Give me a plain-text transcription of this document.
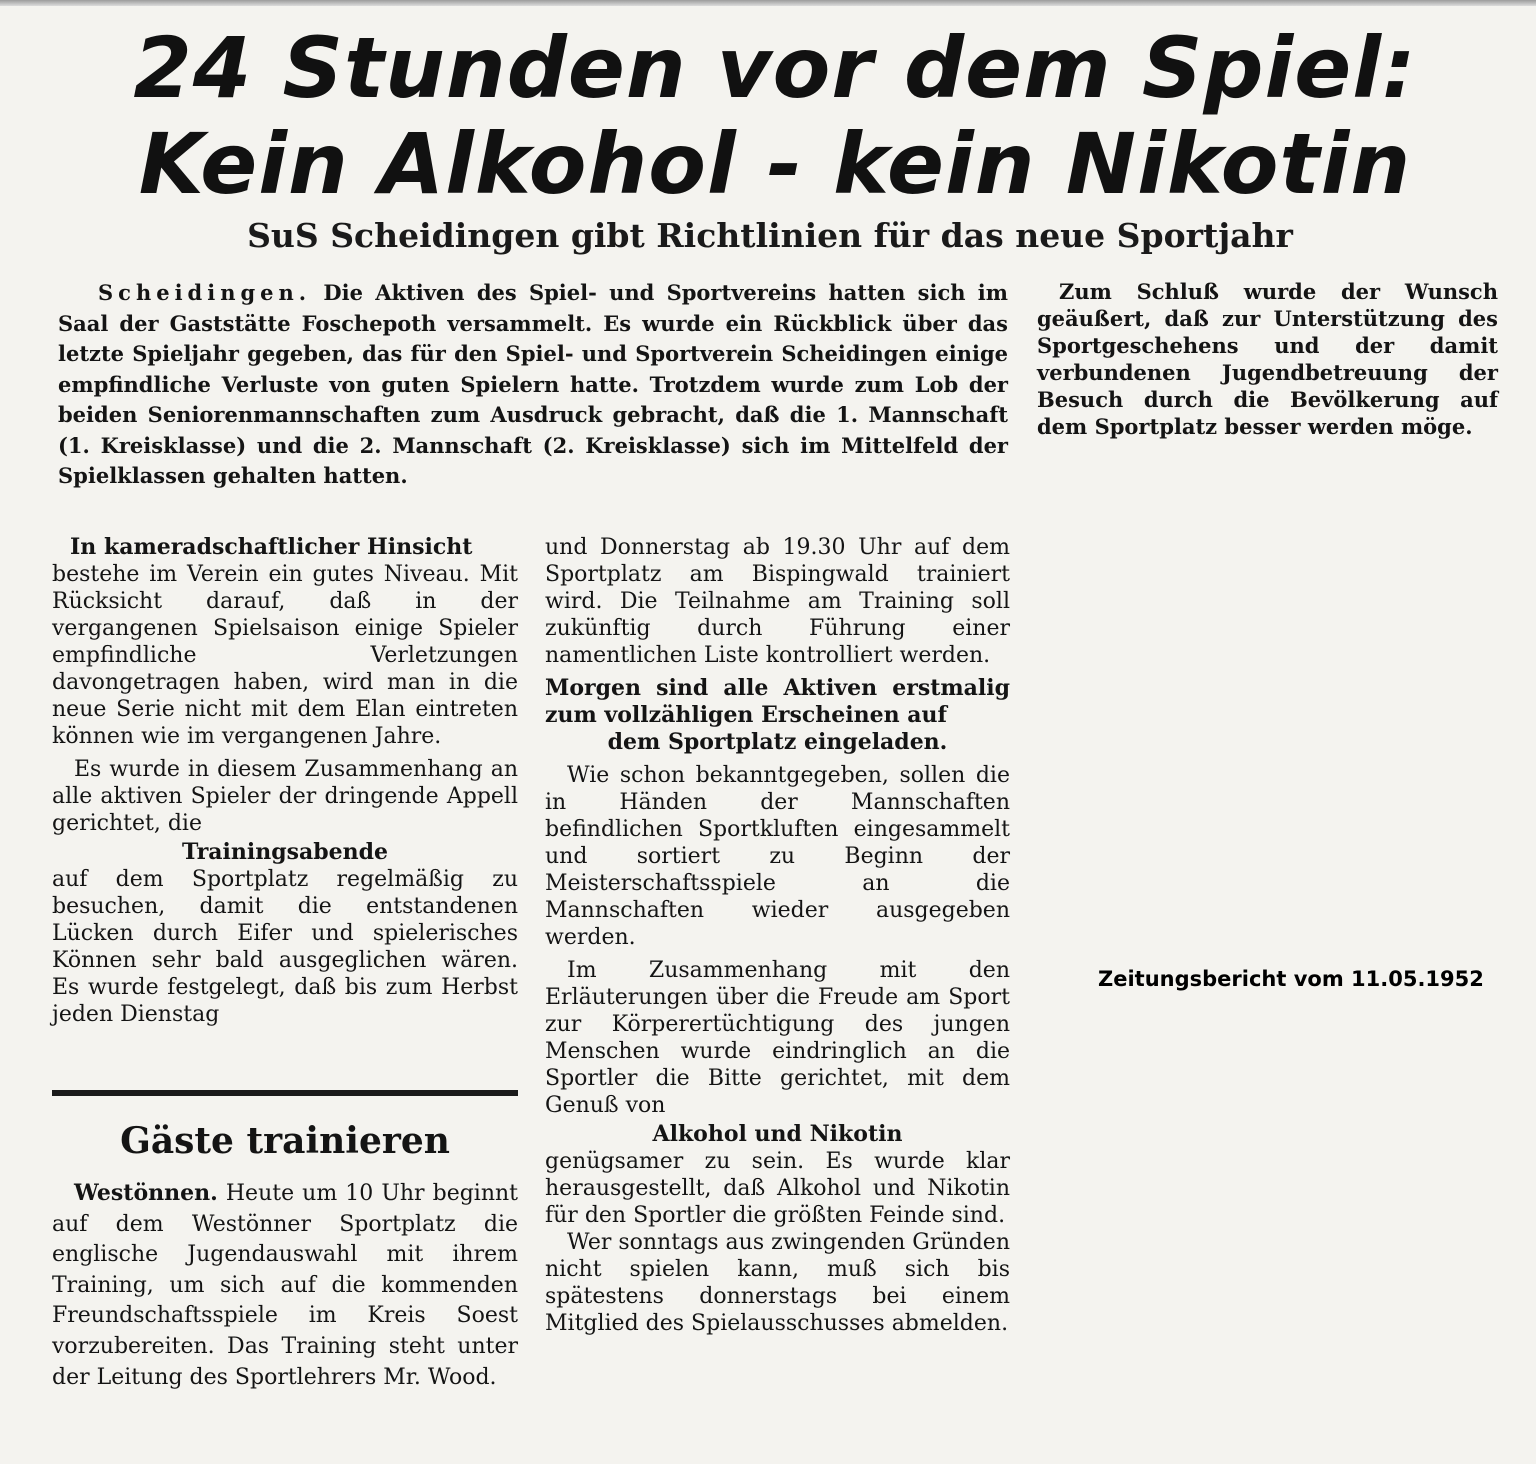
24 Stunden vor dem Spiel:
Kein Alkohol - kein Nikotin
SuS Scheidingen gibt Richtlinien für das neue Sportjahr

Scheidingen. Die Aktiven des Spiel- und Sportvereins hatten sich im Saal der Gaststätte Foschepoth versammelt. Es wurde ein Rückblick über das letzte Spieljahr gegeben, das für den Spiel- und Sportverein Scheidingen einige empfindliche Verluste von guten Spielern hatte. Trotzdem wurde zum Lob der beiden Seniorenmannschaften zum Ausdruck gebracht, daß die 1. Mannschaft (1. Kreisklasse) und die 2. Mannschaft (2. Kreisklasse) sich im Mittelfeld der Spielklassen gehalten hatten.

In kameradschaftlicher Hinsicht
bestehe im Verein ein gutes Niveau. Mit Rücksicht darauf, daß in der vergangenen Spielsaison einige Spieler empfindliche Verletzungen davongetragen haben, wird man in die neue Serie nicht mit dem Elan eintreten können wie im vergangenen Jahre.

Es wurde in diesem Zusammenhang an alle aktiven Spieler der dringende Appell gerichtet, die

Trainingsabende

auf dem Sportplatz regelmäßig zu besuchen, damit die entstandenen Lücken durch Eifer und spielerisches Können sehr bald ausgeglichen wären. Es wurde festgelegt, daß bis zum Herbst jeden Dienstag

Gäste trainieren

Westönnen. Heute um 10 Uhr beginnt auf dem Westönner Sportplatz die englische Jugendauswahl mit ihrem Training, um sich auf die kommenden Freundschaftsspiele im Kreis Soest vorzubereiten. Das Training steht unter der Leitung des Sportlehrers Mr. Wood.

und Donnerstag ab 19.30 Uhr auf dem Sportplatz am Bispingwald trainiert wird. Die Teilnahme am Training soll zukünftig durch Führung einer namentlichen Liste kontrolliert werden.

Morgen sind alle Aktiven erstmalig zum vollzähligen Erscheinen auf

dem Sportplatz eingeladen.

Wie schon bekanntgegeben, sollen die in Händen der Mannschaften befindlichen Sportkluften eingesammelt und sortiert zu Beginn der Meisterschaftsspiele an die Mannschaften wieder ausgegeben werden.

Im Zusammenhang mit den Erläuterungen über die Freude am Sport zur Körperertüchtigung des jungen Menschen wurde eindringlich an die Sportler die Bitte gerichtet, mit dem Genuß von

Alkohol und Nikotin

genügsamer zu sein. Es wurde klar herausgestellt, daß Alkohol und Nikotin für den Sportler die größten Feinde sind.

Wer sonntags aus zwingenden Gründen nicht spielen kann, muß sich bis spätestens donnerstags bei einem Mitglied des Spielausschusses abmelden.

Zum Schluß wurde der Wunsch geäußert, daß zur Unterstützung des Sportgeschehens und der damit verbundenen Jugendbetreuung der Besuch durch die Bevölkerung auf dem Sportplatz besser werden möge.

Zeitungsbericht vom 11.05.1952
